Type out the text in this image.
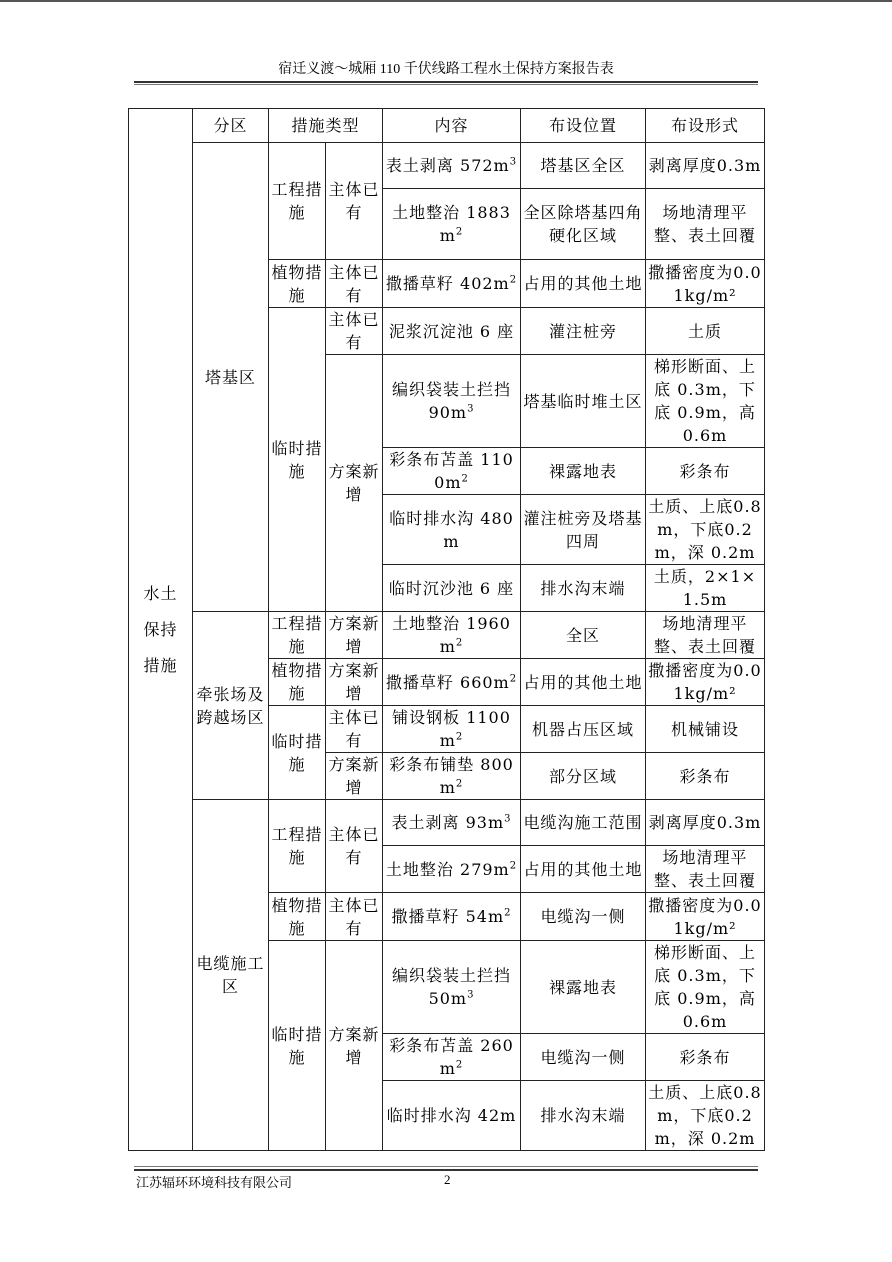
宿迁义渡～城厢 110 千伏线路工程水土保持方案报告表
水土保持措施	分区	措施类型		内容	布设位置	布设形式
	塔基区	工程措施	主体已有	表土剥离 $572m^3$	塔基区全区	剥离厚度0.3m
				土地整治 $1883m^2$	全区除塔基四角硬化区域	场地清理平整、表土回覆
		植物措施	主体已有	撒播草籽 $402m^2$	占用的其他土地	撒播密度为0.01kg/m²
		临时措施	主体已有	泥浆沉淀池 6 座	灌注桩旁	土质
			方案新增	编织袋装土拦挡 $90m^3$	塔基临时堆土区	梯形断面、上底 0.3m，下底 0.9m，高0.6m
				彩条布苫盖 $1100m^2$	裸露地表	彩条布
				临时排水沟 480m	灌注桩旁及塔基四周	土质、上底0.8m，下底0.2m，深 0.2m
				临时沉沙池 6 座	排水沟末端	土质，2×1×1.5m

	牵张场及跨越场区	工程措施	方案新增	土地整治 $1960m^2$	全区	场地清理平整、表土回覆
		植物措施	方案新增	撒播草籽 $660m^2$	占用的其他土地	撒播密度为0.01kg/m²
		临时措施	主体已有	铺设钢板 $1100m^2$	机器占压区域	机械铺设
			方案新增	彩条布铺垫 $800m^2$	部分区域	彩条布
	电缆施工区	工程措施	主体已有	表土剥离 $93m^3$	电缆沟施工范围	剥离厚度0.3m
				土地整治 $279m^2$	占用的其他土地	场地清理平整、表土回覆
		植物措施	主体已有	撒播草籽 $54m^2$	电缆沟一侧	撒播密度为0.01kg/m²
		临时措施	方案新增	编织袋装土拦挡 $50m^3$	裸露地表	梯形断面、上底 0.3m，下底 0.9m，高0.6m
				彩条布苫盖 $260m^2$	电缆沟一侧	彩条布
				临时排水沟 42m	排水沟末端	土质、上底0.8m，下底0.2m，深 0.2m
江苏辐环环境科技有限公司	2
